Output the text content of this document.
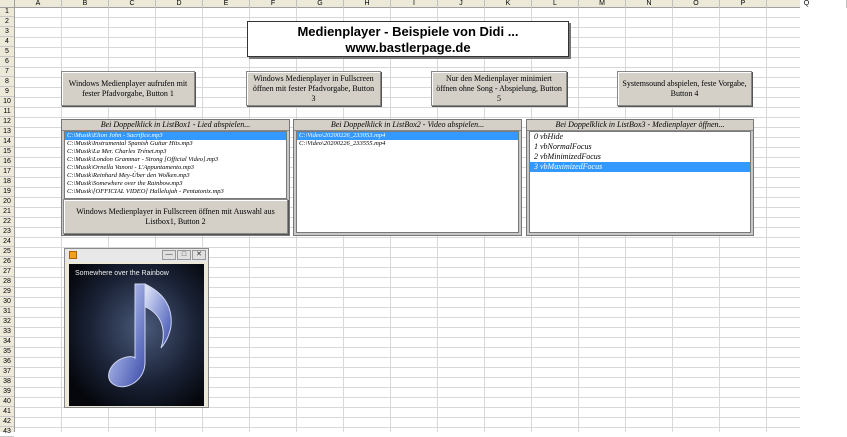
A	B	C	D	E	F	G	H	I	J	K	L	M	N	O	P	Q
1
2
3
4
5
6
7
8
9
10
11
12
13
14
15
16
17
18
19
20
21
22
23
24
25
26
27
28
29
30
31
32
33
34
35
36
37
38
39
40
41
42
43
Medienplayer - Beispiele von Didi ...
www.bastlerpage.de
Windows Medienplayer aufrufen mit fester Pfadvorgabe, Button 1
Windows Medienplayer in Fullscreen öffnen mit fester Pfadvorgabe, Button 3
Nur den Medienplayer minimiert öffnen ohne Song - Abspielung, Button 5
Systemsound abspielen, feste Vorgabe, Button 4
Bei Doppelklick in ListBox1 - Lied abspielen...
C:\Musik\Elton John - Sacrifice.mp3
C:\Musik\Instrumental Spanish Guitar Hits.mp3
C:\Musik\La Mer. Charles Trénet.mp3
C:\Musik\London Grammar - Strong [Official Video].mp3
C:\Musik\Ornella Vanoni - L'Appuntamento.mp3
C:\Musik\Reinhard Mey-Über den Wolken.mp3
C:\Musik\Somewhere over the Rainbow.mp3
C:\Musik\[OFFICIAL VIDEO] Hallelujah - Pentatonix.mp3
Windows Medienplayer in Fullscreen öffnen mit Auswahl aus Listbox1, Button 2
Bei Doppelklick in ListBox2 - Video abspielen...
C:\Video\20200226_233053.mp4
C:\Video\20200226_233555.mp4
Bei Doppelklick in ListBox3 - Medienplayer öffnen...
0 vbHide
1 vbNormalFocus
2 vbMinimizedFocus
3 vbMaximizedFocus
—	□	✕
Somewhere over the Rainbow
